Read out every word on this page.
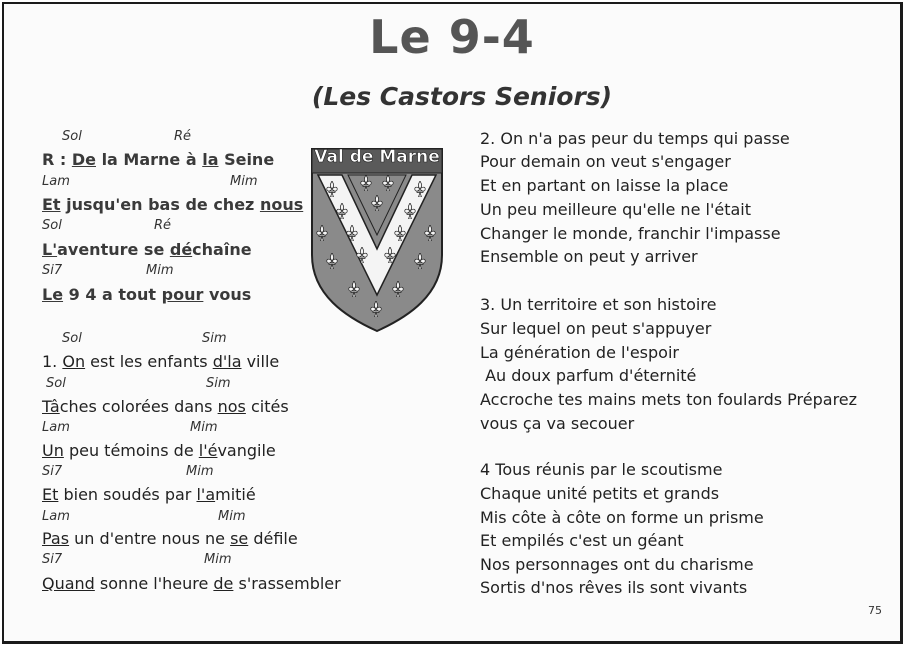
Le 9-4
(Les Castors Seniors)
Sol	Ré
R : De la Marne à la Seine
Lam	Mim
Et jusqu'en bas de chez nous
Sol	Ré
L'aventure se déchaîne
Si7	Mim
Le 9 4 a tout pour vous
Sol	Sim
1. On est les enfants d'la ville
Sol	Sim
Tâches colorées dans nos cités
Lam	Mim
Un peu témoins de l'évangile
Si7	Mim
Et bien soudés par l'amitié
Lam	Mim
Pas un d'entre nous ne se défile
Si7	Mim
Quand sonne l'heure de s'rassembler
Val de Marne
2. On n'a pas peur du temps qui passe
Pour demain on veut s'engager
Et en partant on laisse la place
Un peu meilleure qu'elle ne l'était
Changer le monde, franchir l'impasse
Ensemble on peut y arriver
3. Un territoire et son histoire
Sur lequel on peut s'appuyer
La génération de l'espoir
Au doux parfum d'éternité
Accroche tes mains mets ton foulards Préparez
vous ça va secouer
4 Tous réunis par le scoutisme
Chaque unité petits et grands
Mis côte à côte on forme un prisme
Et empilés c'est un géant
Nos personnages ont du charisme
Sortis d'nos rêves ils sont vivants
75
